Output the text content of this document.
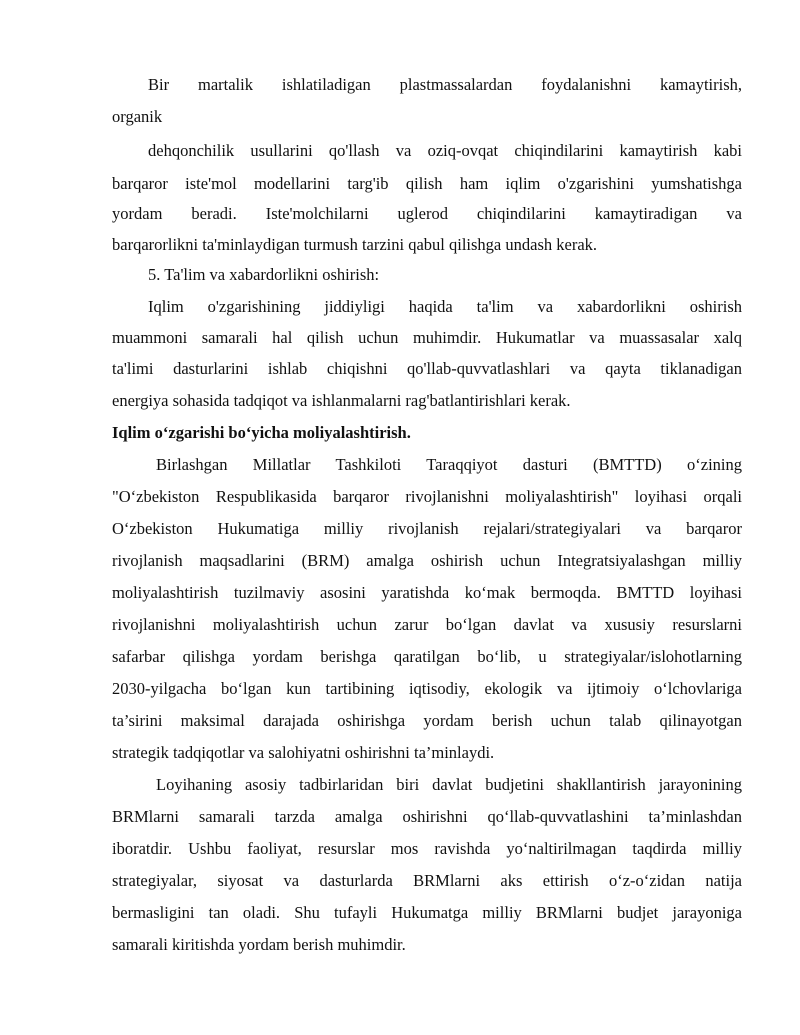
Bir martalik ishlatiladigan plastmassalardan foydalanishni kamaytirish,
organik
dehqonchilik usullarini qo'llash va oziq-ovqat chiqindilarini kamaytirish kabi
barqaror iste'mol modellarini targ'ib qilish ham iqlim o'zgarishini yumshatishga
yordam beradi. Iste'molchilarni uglerod chiqindilarini kamaytiradigan va
barqarorlikni ta'minlaydigan turmush tarzini qabul qilishga undash kerak.
5. Ta'lim va xabardorlikni oshirish:
Iqlim o'zgarishining jiddiyligi haqida ta'lim va xabardorlikni oshirish
muammoni samarali hal qilish uchun muhimdir. Hukumatlar va muassasalar xalq
ta'limi dasturlarini ishlab chiqishni qo'llab-quvvatlashlari va qayta tiklanadigan
energiya sohasida tadqiqot va ishlanmalarni rag'batlantirishlari kerak.
Iqlim o‘zgarishi bo‘yicha moliyalashtirish.
Birlashgan Millatlar Tashkiloti Taraqqiyot dasturi (BMTTD) o‘zining
"O‘zbekiston Respublikasida barqaror rivojlanishni moliyalashtirish" loyihasi orqali
O‘zbekiston Hukumatiga milliy rivojlanish rejalari/strategiyalari va barqaror
rivojlanish maqsadlarini (BRM) amalga oshirish uchun Integratsiyalashgan milliy
moliyalashtirish tuzilmaviy asosini yaratishda ko‘mak bermoqda. BMTTD loyihasi
rivojlanishni moliyalashtirish uchun zarur bo‘lgan davlat va xususiy resurslarni
safarbar qilishga yordam berishga qaratilgan bo‘lib, u strategiyalar/islohotlarning
2030-yilgacha bo‘lgan kun tartibining iqtisodiy, ekologik va ijtimoiy o‘lchovlariga
ta’sirini maksimal darajada oshirishga yordam berish uchun talab qilinayotgan
strategik tadqiqotlar va salohiyatni oshirishni ta’minlaydi.
Loyihaning asosiy tadbirlaridan biri davlat budjetini shakllantirish jarayonining
BRMlarni samarali tarzda amalga oshirishni qo‘llab-quvvatlashini ta’minlashdan
iboratdir. Ushbu faoliyat, resurslar mos ravishda yo‘naltirilmagan taqdirda milliy
strategiyalar, siyosat va dasturlarda BRMlarni aks ettirish o‘z-o‘zidan natija
bermasligini tan oladi. Shu tufayli Hukumatga milliy BRMlarni budjet jarayoniga
samarali kiritishda yordam berish muhimdir.
